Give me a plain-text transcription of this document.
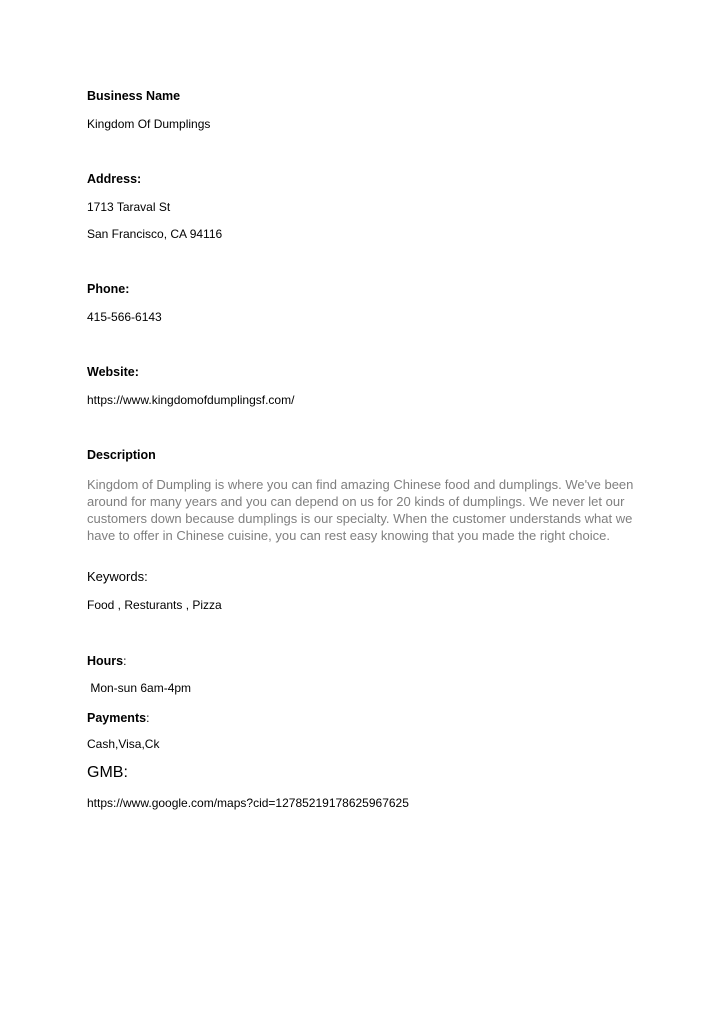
Business Name

Kingdom Of Dumplings

Address:

1713 Taraval St

San Francisco, CA 94116

Phone:

415-566-6143

Website:

https://www.kingdomofdumplingsf.com/

Description

Kingdom of Dumpling is where you can find amazing Chinese food and dumplings. We've been around for many years and you can depend on us for 20 kinds of dumplings. We never let our customers down because dumplings is our specialty. When the customer understands what we have to offer in Chinese cuisine, you can rest easy knowing that you made the right choice.

Keywords:

Food , Resturants , Pizza

Hours:

Mon-sun 6am-4pm

Payments:

Cash,Visa,Ck

GMB:

https://www.google.com/maps?cid=12785219178625967625
